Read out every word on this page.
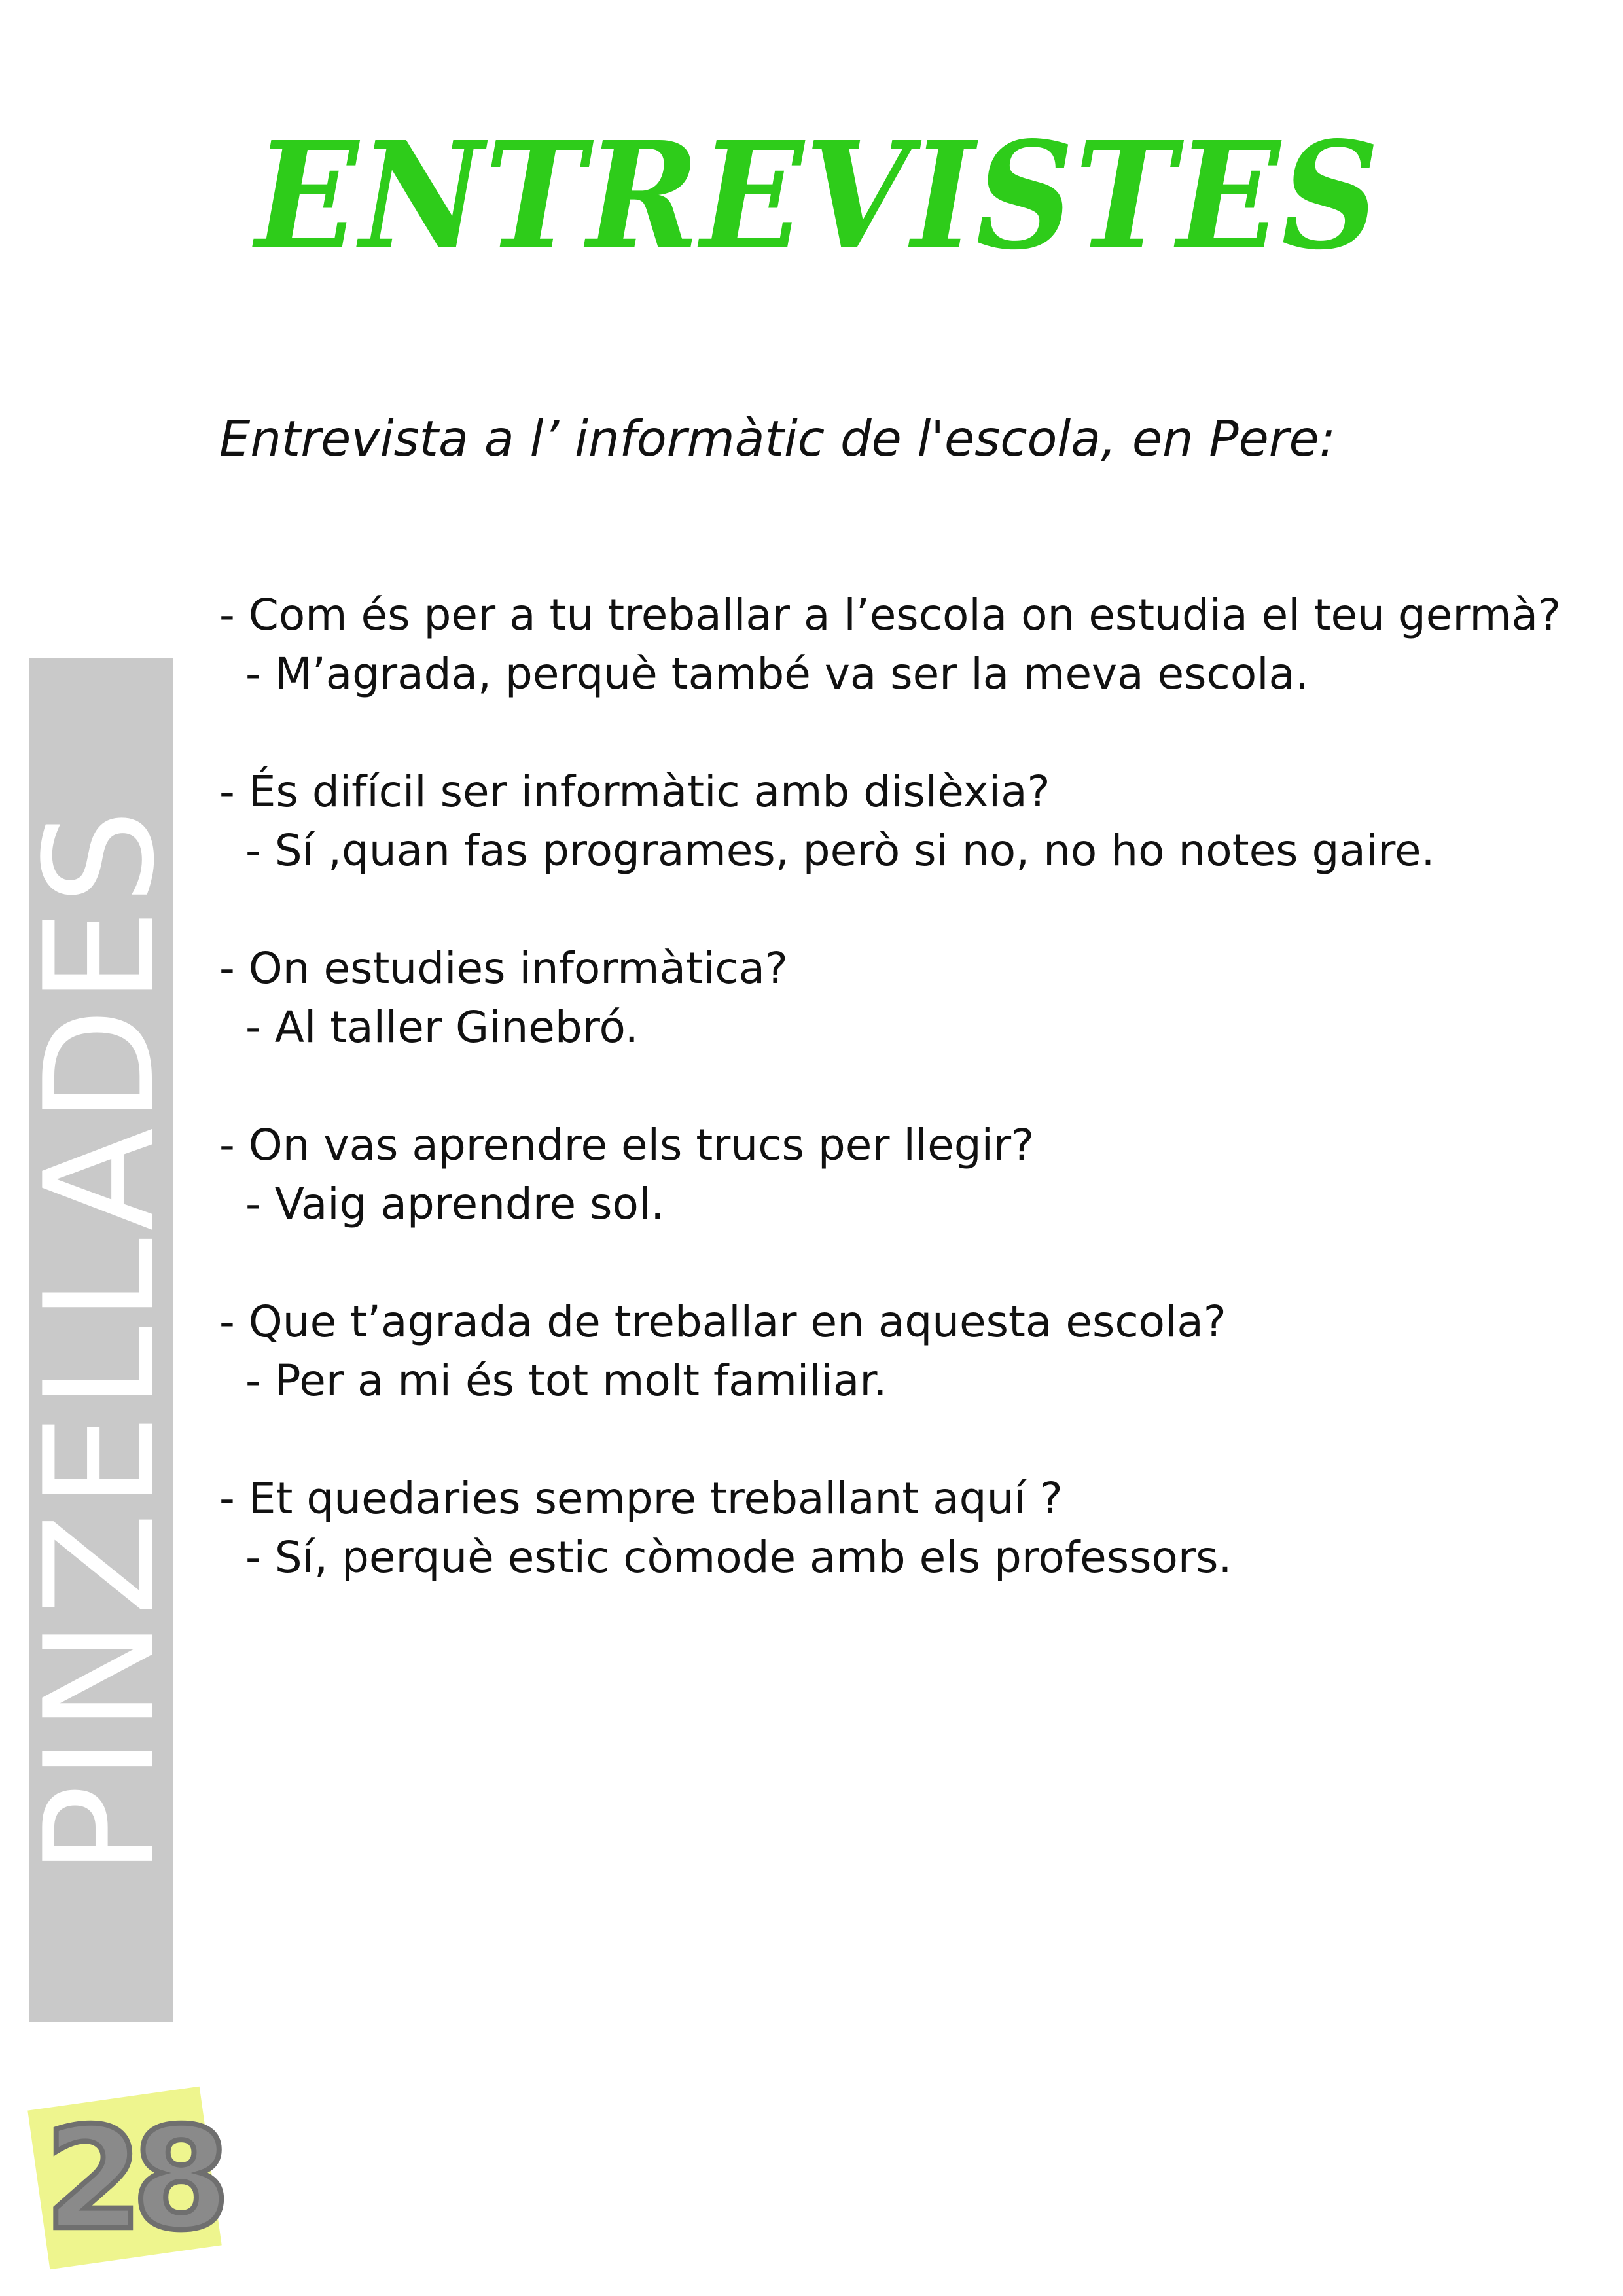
ENTREVISTES

Entrevista a l’ informàtic de l'escola, en Pere:

- Com és per a tu treballar a l’escola on estudia el teu germà?
- M’agrada, perquè també va ser la meva escola.
- És difícil ser informàtic amb dislèxia?
- Sí ,quan fas programes, però si no, no ho notes gaire.
- On estudies informàtica?
- Al taller Ginebró.
- On vas aprendre els trucs per llegir?
- Vaig aprendre sol.
- Que t’agrada de treballar en aquesta escola?
- Per a mi és tot molt familiar.
- Et quedaries sempre treballant aquí ?
- Sí, perquè estic còmode amb els professors.
PINZELLADES
28
